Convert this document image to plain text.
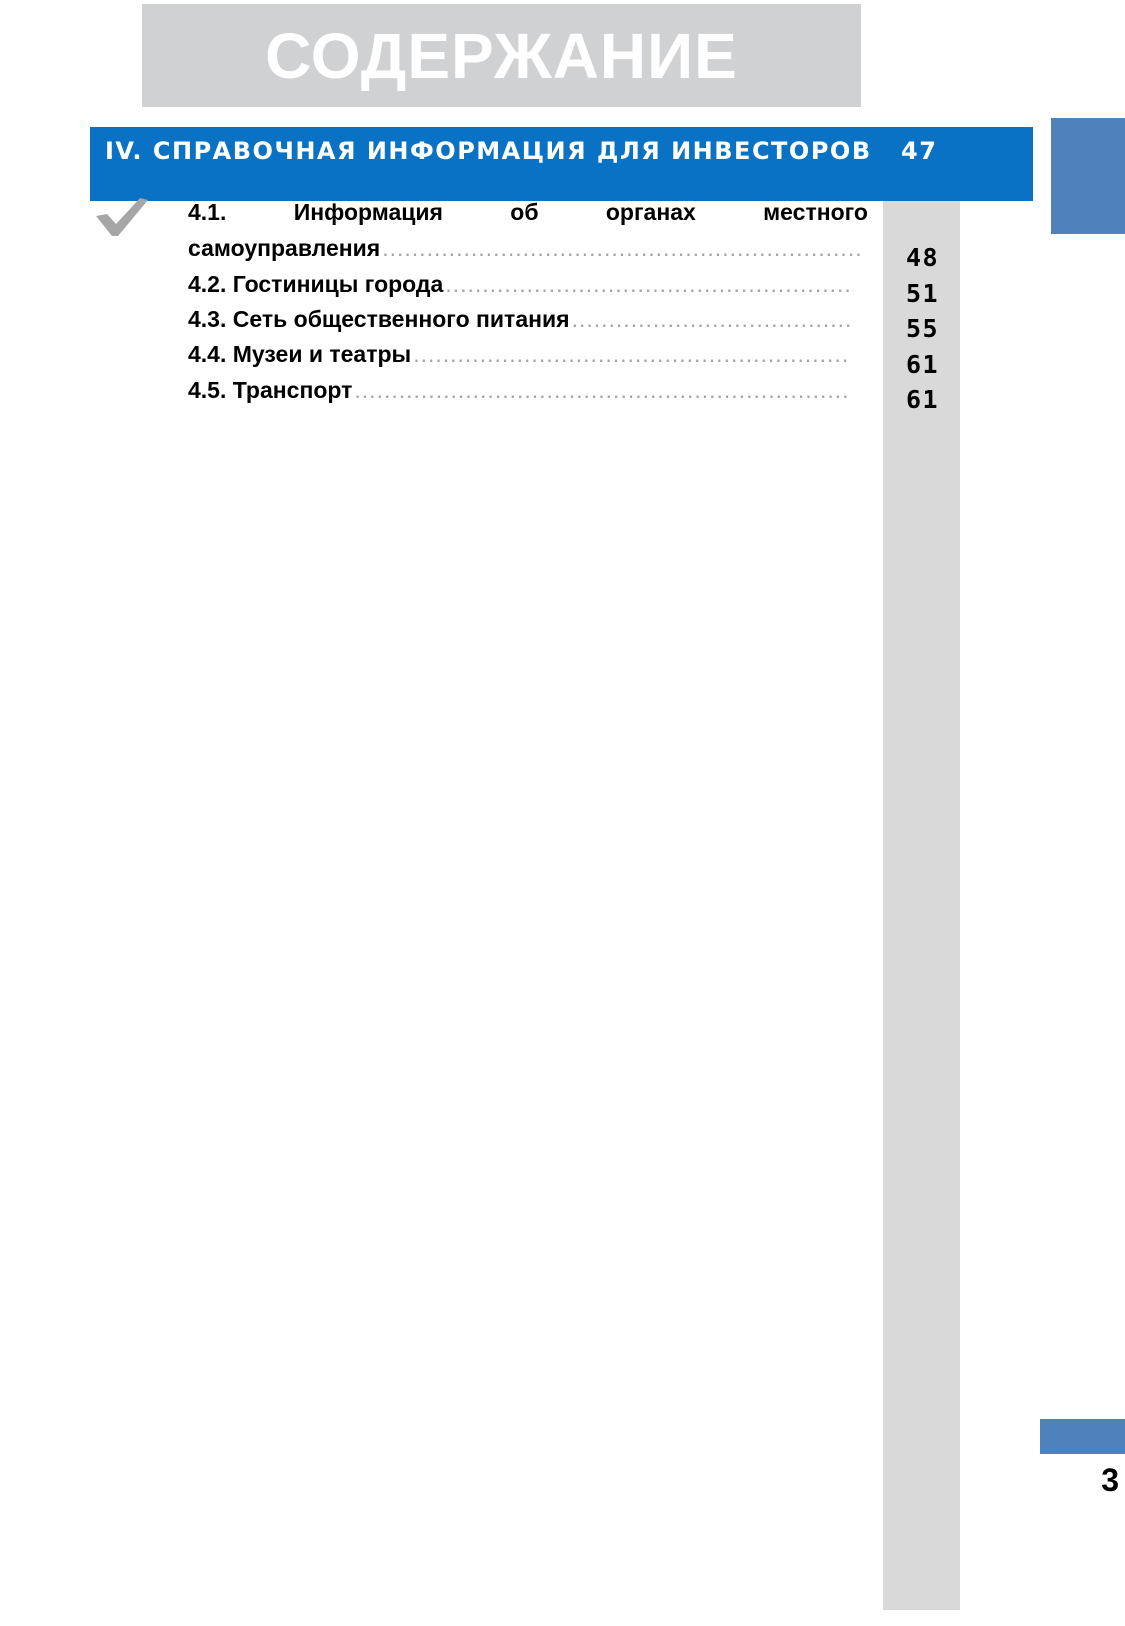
СОДЕРЖАНИЕ
IV. СПРАВОЧНАЯ ИНФОРМАЦИЯ ДЛЯ ИНВЕСТОРОВ 47
4.1.	Информация	об	органах	местного
самоуправления .....	48
4.2. Гостиницы города .....	51
4.3. Сеть общественного питания .....	55
4.4. Музеи и театры .....	61
4.5. Транспорт .....	61
3
